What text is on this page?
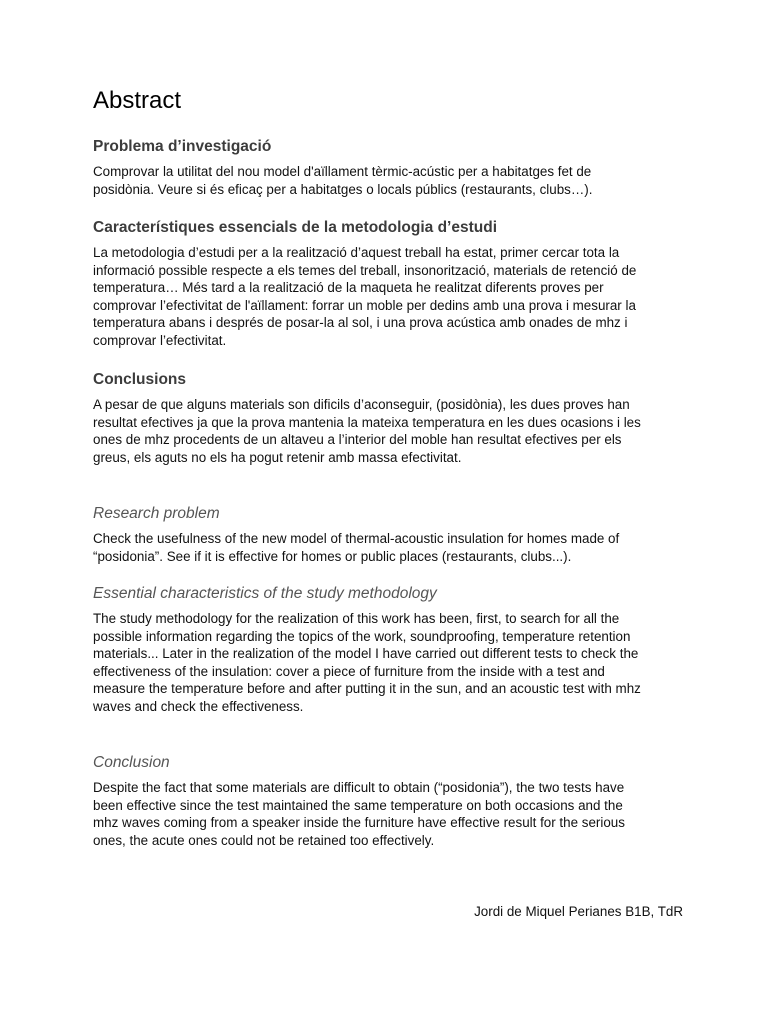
Abstract
Problema d’investigació

Comprovar la utilitat del nou model d'aïllament tèrmic-acústic per a habitatges fet de
posidònia. Veure si és eficaç per a habitatges o locals públics (restaurants, clubs…).

Característiques essencials de la metodologia d’estudi

La metodologia d’estudi per a la realització d’aquest treball ha estat, primer cercar tota la
informació possible respecte a els temes del treball, insonorització, materials de retenció de
temperatura… Més tard a la realització de la maqueta he realitzat diferents proves per
comprovar l’efectivitat de l'aïllament: forrar un moble per dedins amb una prova i mesurar la
temperatura abans i després de posar-la al sol, i una prova acústica amb onades de mhz i
comprovar l’efectivitat.

Conclusions

A pesar de que alguns materials son dificils d’aconseguir, (posidònia), les dues proves han
resultat efectives ja que la prova mantenia la mateixa temperatura en les dues ocasions i les
ones de mhz procedents de un altaveu a l’interior del moble han resultat efectives per els
greus, els aguts no els ha pogut retenir amb massa efectivitat.

Research problem

Check the usefulness of the new model of thermal-acoustic insulation for homes made of
“posidonia”. See if it is effective for homes or public places (restaurants, clubs...).

Essential characteristics of the study methodology

The study methodology for the realization of this work has been, first, to search for all the
possible information regarding the topics of the work, soundproofing, temperature retention
materials... Later in the realization of the model I have carried out different tests to check the
effectiveness of the insulation: cover a piece of furniture from the inside with a test and
measure the temperature before and after putting it in the sun, and an acoustic test with mhz
waves and check the effectiveness.

Conclusion

Despite the fact that some materials are difficult to obtain (“posidonia”), the two tests have
been effective since the test maintained the same temperature on both occasions and the
mhz waves coming from a speaker inside the furniture have effective result for the serious
ones, the acute ones could not be retained too effectively.

Jordi de Miquel Perianes B1B, TdR
